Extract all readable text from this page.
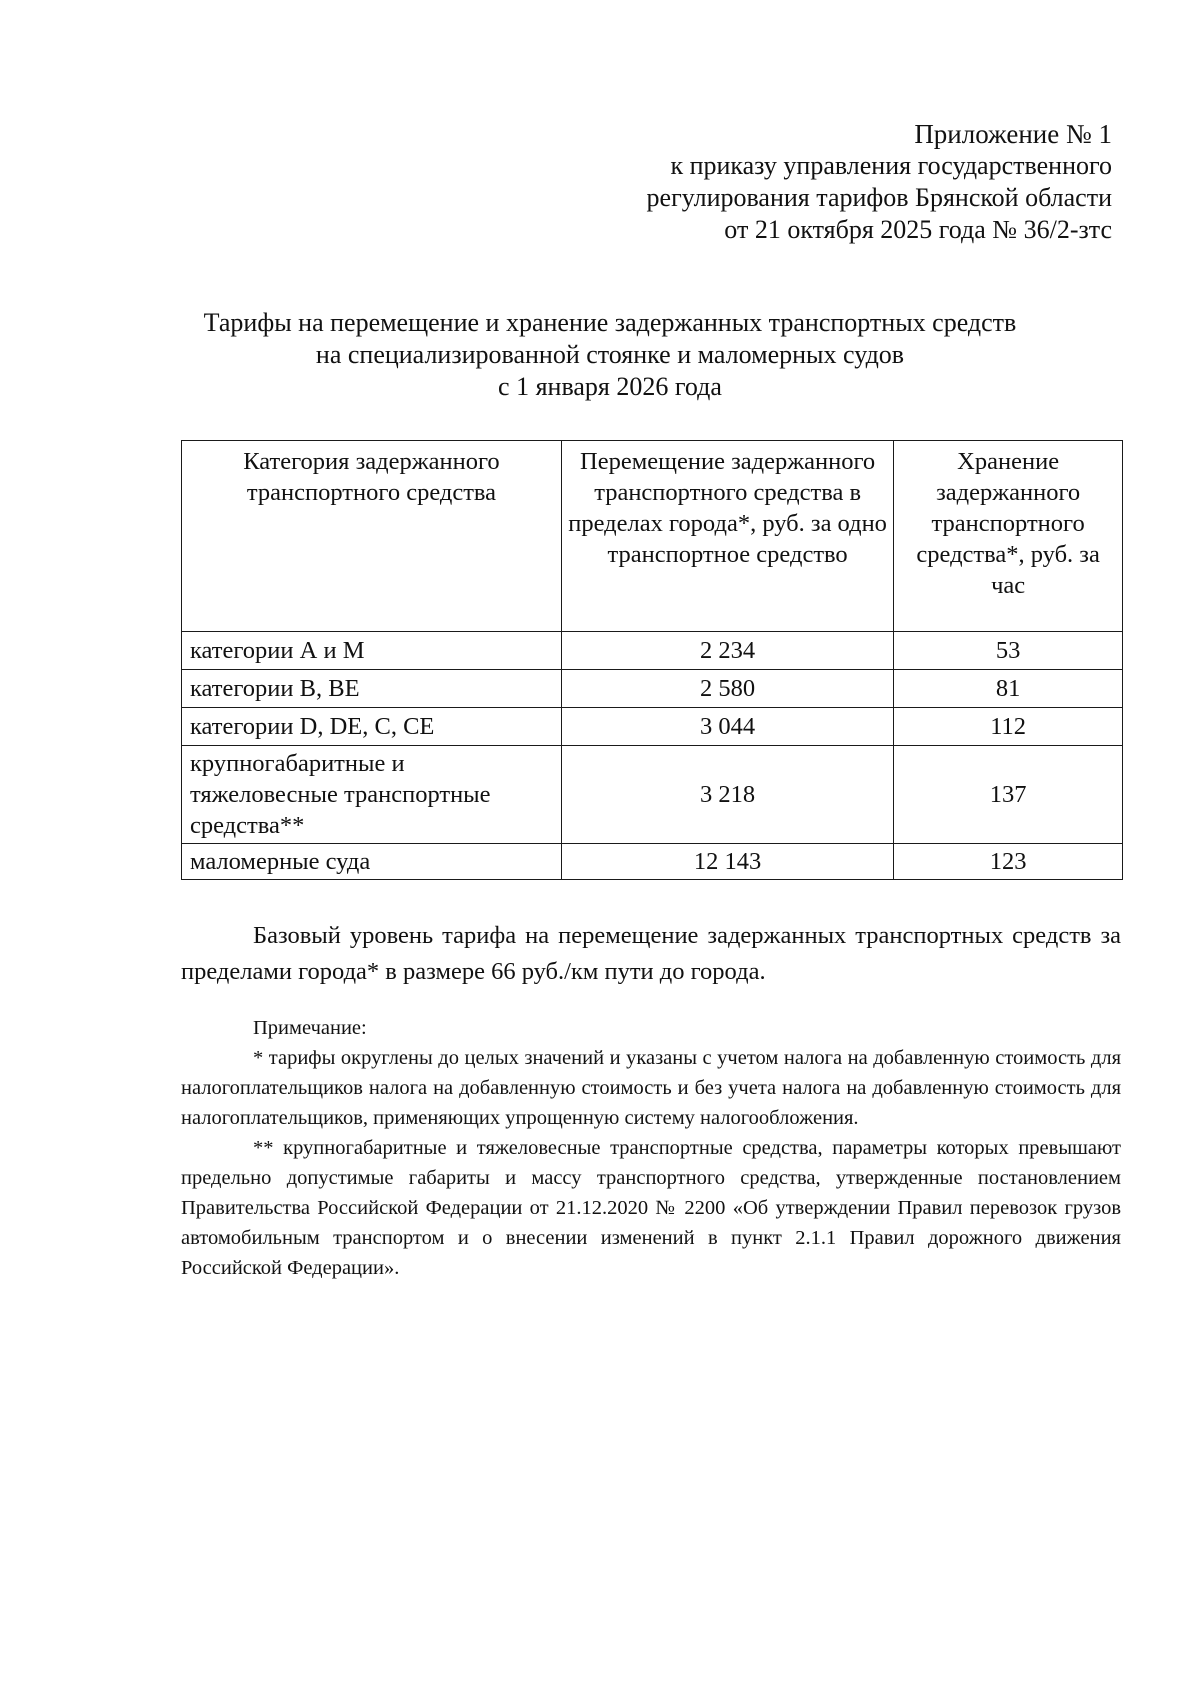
Приложение № 1
к приказу управления государственного
регулирования тарифов Брянской области
от 21 октября 2025 года № 36/2-зтс
Тарифы на перемещение и хранение задержанных транспортных средств
на специализированной стоянке и маломерных судов
с 1 января 2026 года
Категория задержанного транспортного средства	Перемещение задержанного транспортного средства в пределах города*, руб. за одно транспортное средство	Хранение задержанного транспортного средства*, руб. за час
категории А и М	2 234	53
категории В, ВЕ	2 580	81
категории D, DE, С, СЕ	3 044	112
крупногабаритные и тяжеловесные транспортные средства**	3 218	137
маломерные суда	12 143	123
Базовый уровень тарифа на перемещение задержанных транспортных средств за пределами города* в размере 66 руб./км пути до города.
Примечание:

* тарифы округлены до целых значений и указаны с учетом налога на добавленную стоимость для налогоплательщиков налога на добавленную стоимость и без учета налога на добавленную стоимость для налогоплательщиков, применяющих упрощенную систему налогообложения.

** крупногабаритные и тяжеловесные транспортные средства, параметры которых превышают предельно допустимые габариты и массу транспортного средства, утвержденные постановлением Правительства Российской Федерации от 21.12.2020 № 2200 «Об утверждении Правил перевозок грузов автомобильным транспортом и о внесении изменений в пункт 2.1.1 Правил дорожного движения Российской Федерации».
